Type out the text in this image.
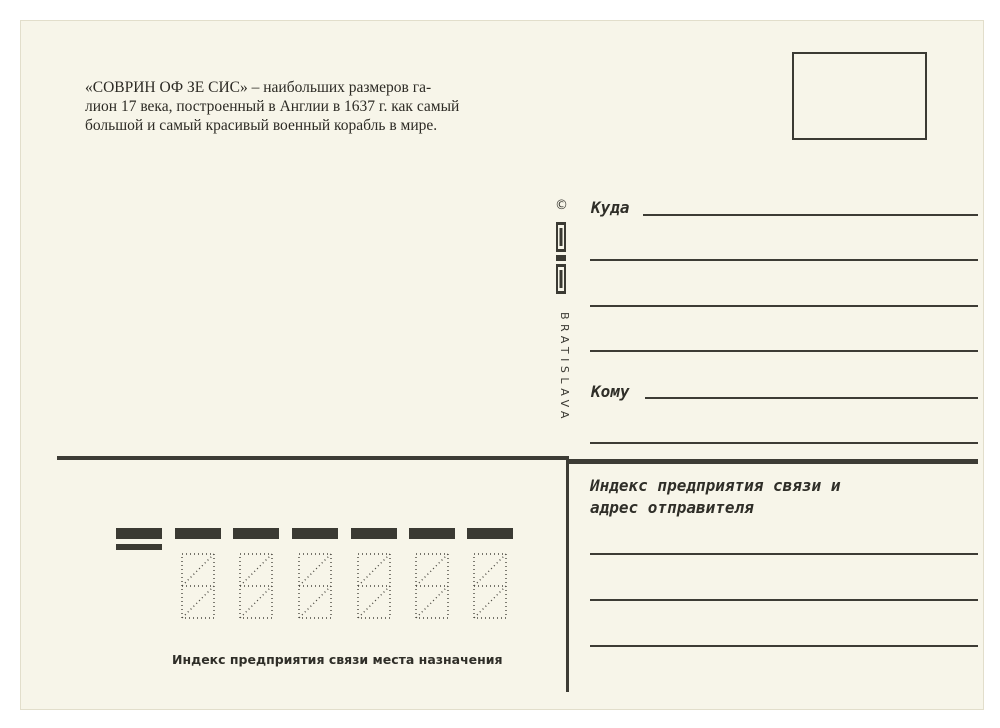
«СОВРИН ОФ ЗЕ СИС» – наибольших размеров га-
лион 17 века, построенный в Англии в 1637 г. как самый
большой и самый красивый военный корабль в мире.
©
BRATISLAVA
Куда
Кому
Индекс предприятия связи и
адрес отправителя
Индекс предприятия связи места назначения
